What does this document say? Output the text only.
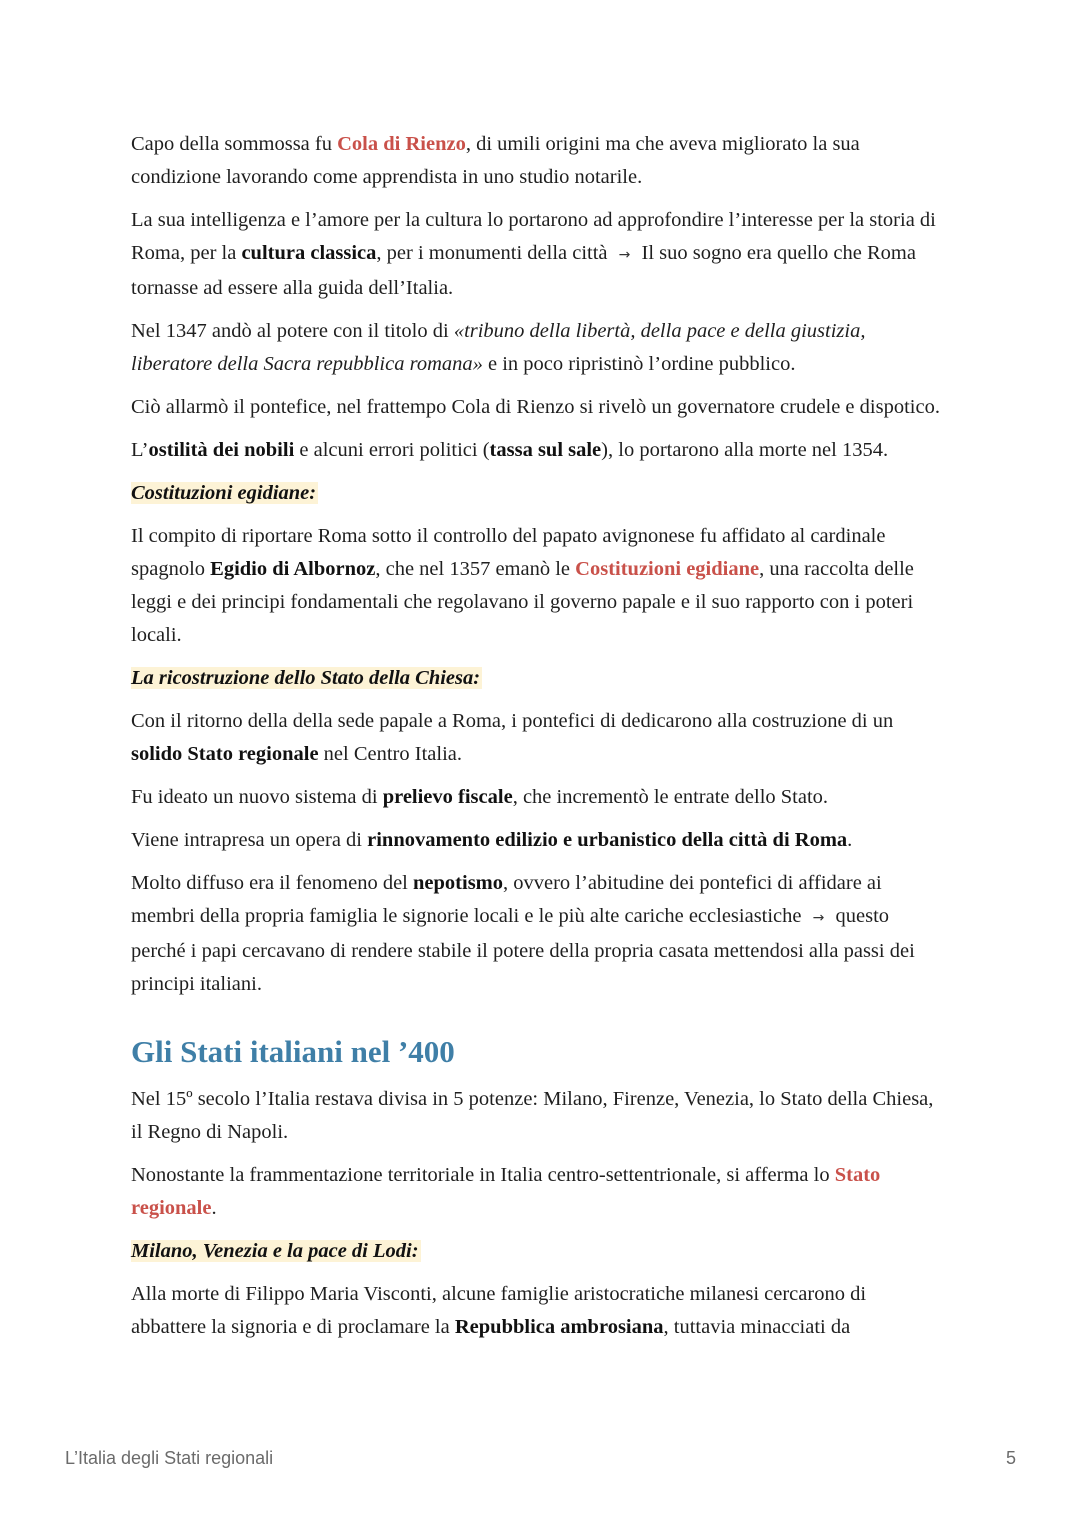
Capo della sommossa fu Cola di Rienzo, di umili origini ma che aveva migliorato la sua condizione lavorando come apprendista in uno studio notarile.

La sua intelligenza e l’amore per la cultura lo portarono ad approfondire l’interesse per la storia di Roma, per la cultura classica, per i monumenti della città → Il suo sogno era quello che Roma tornasse ad essere alla guida dell’Italia.

Nel 1347 andò al potere con il titolo di «tribuno della libertà, della pace e della giustizia, liberatore della Sacra repubblica romana» e in poco ripristinò l’ordine pubblico.

Ciò allarmò il pontefice, nel frattempo Cola di Rienzo si rivelò un governatore crudele e dispotico.

L’ostilità dei nobili e alcuni errori politici (tassa sul sale), lo portarono alla morte nel 1354.

Costituzioni egidiane:

Il compito di riportare Roma sotto il controllo del papato avignonese fu affidato al cardinale spagnolo Egidio di Albornoz, che nel 1357 emanò le Costituzioni egidiane, una raccolta delle leggi e dei principi fondamentali che regolavano il governo papale e il suo rapporto con i poteri locali.

La ricostruzione dello Stato della Chiesa:

Con il ritorno della della sede papale a Roma, i pontefici di dedicarono alla costruzione di un solido Stato regionale nel Centro Italia.

Fu ideato un nuovo sistema di prelievo fiscale, che incrementò le entrate dello Stato.

Viene intrapresa un opera di rinnovamento edilizio e urbanistico della città di Roma.

Molto diffuso era il fenomeno del nepotismo, ovvero l’abitudine dei pontefici di affidare ai membri della propria famiglia le signorie locali e le più alte cariche ecclesiastiche → questo perché i papi cercavano di rendere stabile il potere della propria casata mettendosi alla passi dei principi italiani.

Gli Stati italiani nel ’400

Nel 15º secolo l’Italia restava divisa in 5 potenze: Milano, Firenze, Venezia, lo Stato della Chiesa, il Regno di Napoli.

Nonostante la frammentazione territoriale in Italia centro-settentrionale, si afferma lo Stato regionale.

Milano, Venezia e la pace di Lodi:

Alla morte di Filippo Maria Visconti, alcune famiglie aristocratiche milanesi cercarono di abbattere la signoria e di proclamare la Repubblica ambrosiana, tuttavia minacciati da

L’Italia degli Stati regionali	5
